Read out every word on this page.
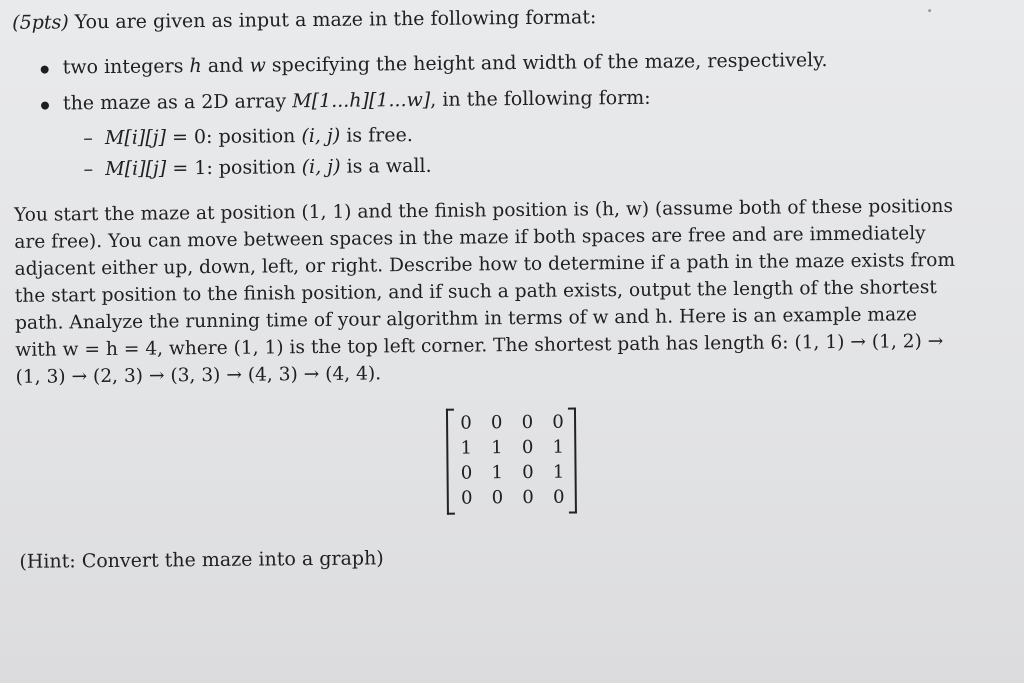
(5pts) You are given as input a maze in the following format:
two integers h and w specifying the height and width of the maze, respectively.
the maze as a 2D array M[1...h][1...w], in the following form:
– M[i][j] = 0: position (i, j) is free.
– M[i][j] = 1: position (i, j) is a wall.
You start the maze at position (1, 1) and the finish position is (h, w) (assume both of these positions
are free). You can move between spaces in the maze if both spaces are free and are immediately
adjacent either up, down, left, or right. Describe how to determine if a path in the maze exists from
the start position to the finish position, and if such a path exists, output the length of the shortest
path. Analyze the running time of your algorithm in terms of w and h. Here is an example maze
with w = h = 4, where (1, 1) is the top left corner. The shortest path has length 6: (1, 1) → (1, 2) →
(1, 3) → (2, 3) → (3, 3) → (4, 3) → (4, 4).
0 0 0 0
1 1 0 1
0 1 0 1
0 0 0 0
(Hint: Convert the maze into a graph)
